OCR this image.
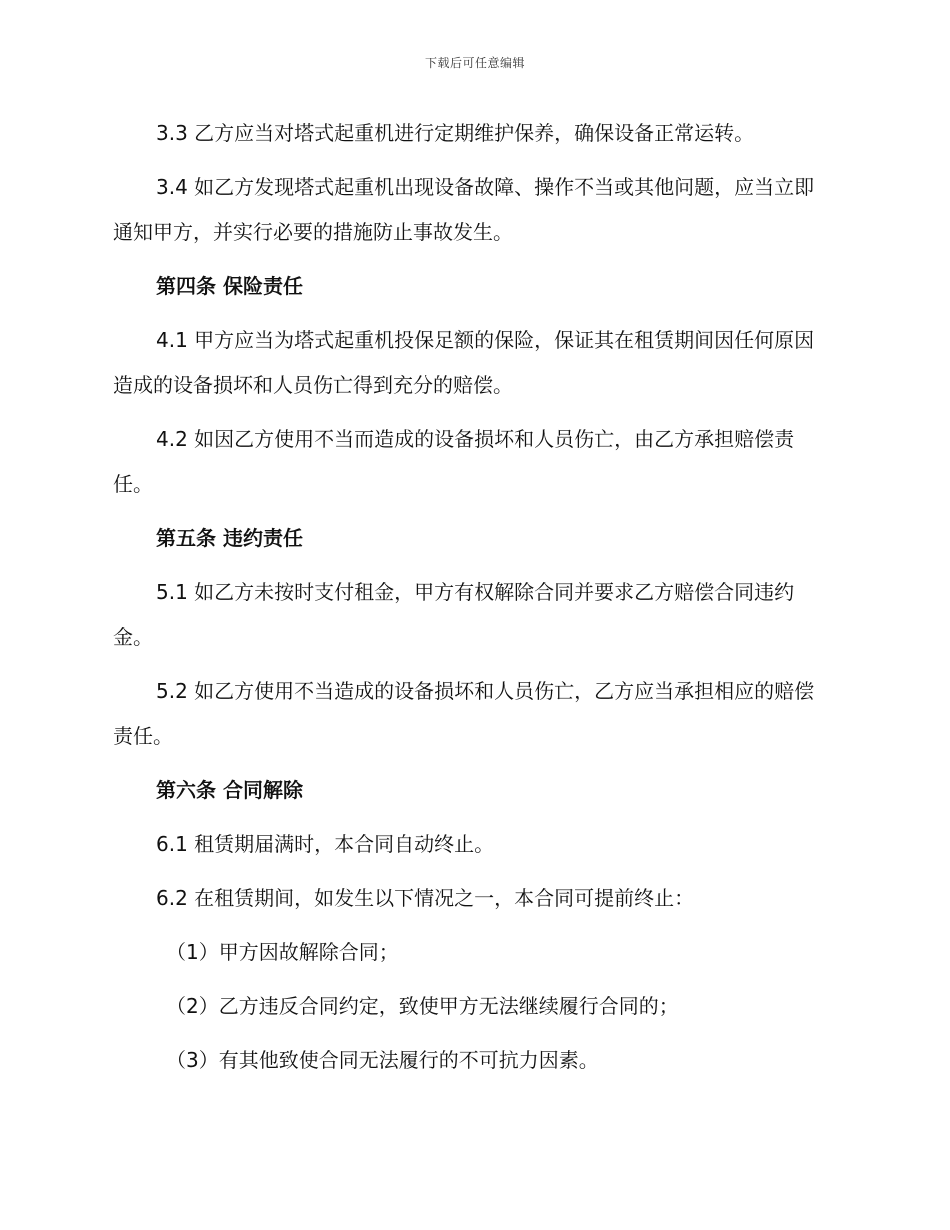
下载后可任意编辑

3.3 乙方应当对塔式起重机进行定期维护保养，确保设备正常运转。

3.4 如乙方发现塔式起重机出现设备故障、操作不当或其他问题，应当立即通知甲方，并实行必要的措施防止事故发生。

第四条 保险责任

4.1 甲方应当为塔式起重机投保足额的保险，保证其在租赁期间因任何原因造成的设备损坏和人员伤亡得到充分的赔偿。

4.2 如因乙方使用不当而造成的设备损坏和人员伤亡，由乙方承担赔偿责任。

第五条 违约责任

5.1 如乙方未按时支付租金，甲方有权解除合同并要求乙方赔偿合同违约金。

5.2 如乙方使用不当造成的设备损坏和人员伤亡，乙方应当承担相应的赔偿责任。

第六条 合同解除

6.1 租赁期届满时，本合同自动终止。

6.2 在租赁期间，如发生以下情况之一，本合同可提前终止：

（1）甲方因故解除合同；

（2）乙方违反合同约定，致使甲方无法继续履行合同的；

（3）有其他致使合同无法履行的不可抗力因素。
